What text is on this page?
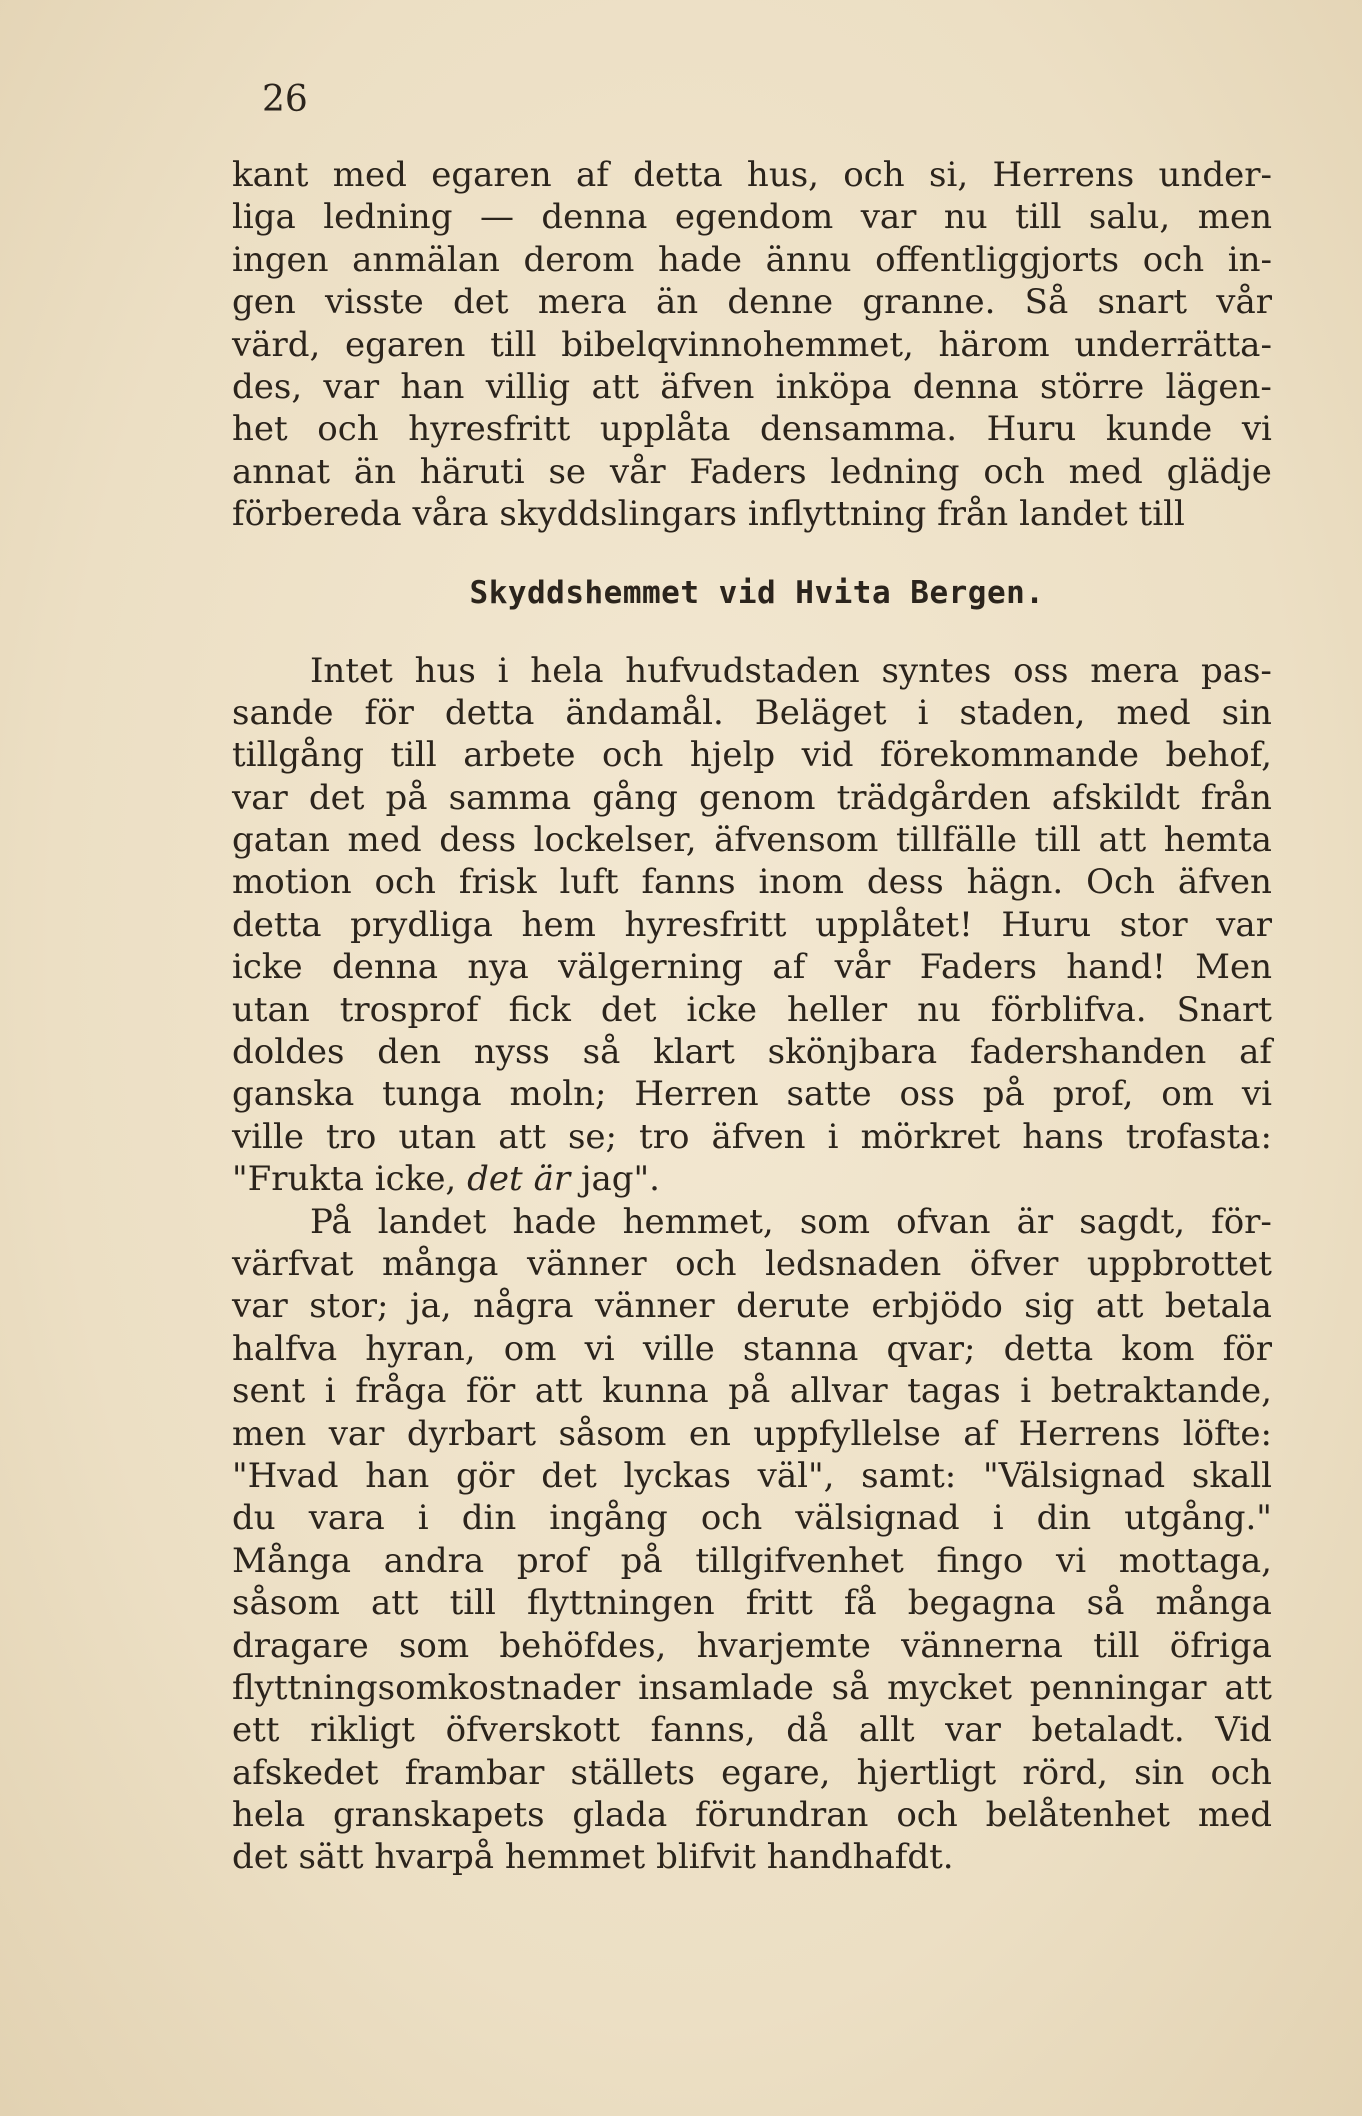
26
kant med egaren af detta hus, och si, Herrens under-
liga ledning — denna egendom var nu till salu, men
ingen anmälan derom hade ännu offentliggjorts och in-
gen visste det mera än denne granne. Så snart vår
värd, egaren till bibelqvinnohemmet, härom underrätta-
des, var han villig att äfven inköpa denna större lägen-
het och hyresfritt upplåta densamma. Huru kunde vi
annat än häruti se vår Faders ledning och med glädje
förbereda våra skyddslingars inflyttning från landet till
Skyddshemmet vid Hvita Bergen.
Intet hus i hela hufvudstaden syntes oss mera pas-
sande för detta ändamål. Beläget i staden, med sin
tillgång till arbete och hjelp vid förekommande behof,
var det på samma gång genom trädgården afskildt från
gatan med dess lockelser, äfvensom tillfälle till att hemta
motion och frisk luft fanns inom dess hägn. Och äfven
detta prydliga hem hyresfritt upplåtet! Huru stor var
icke denna nya välgerning af vår Faders hand! Men
utan trosprof fick det icke heller nu förblifva. Snart
doldes den nyss så klart skönjbara fadershanden af
ganska tunga moln; Herren satte oss på prof, om vi
ville tro utan att se; tro äfven i mörkret hans trofasta:
"Frukta icke, det är jag".
På landet hade hemmet, som ofvan är sagdt, för-
värfvat många vänner och ledsnaden öfver uppbrottet
var stor; ja, några vänner derute erbjödo sig att betala
halfva hyran, om vi ville stanna qvar; detta kom för
sent i fråga för att kunna på allvar tagas i betraktande,
men var dyrbart såsom en uppfyllelse af Herrens löfte:
"Hvad han gör det lyckas väl", samt: "Välsignad skall
du vara i din ingång och välsignad i din utgång."
Många andra prof på tillgifvenhet fingo vi mottaga,
såsom att till flyttningen fritt få begagna så många
dragare som behöfdes, hvarjemte vännerna till öfriga
flyttningsomkostnader insamlade så mycket penningar att
ett rikligt öfverskott fanns, då allt var betaladt. Vid
afskedet frambar ställets egare, hjertligt rörd, sin och
hela granskapets glada förundran och belåtenhet med
det sätt hvarpå hemmet blifvit handhafdt.
